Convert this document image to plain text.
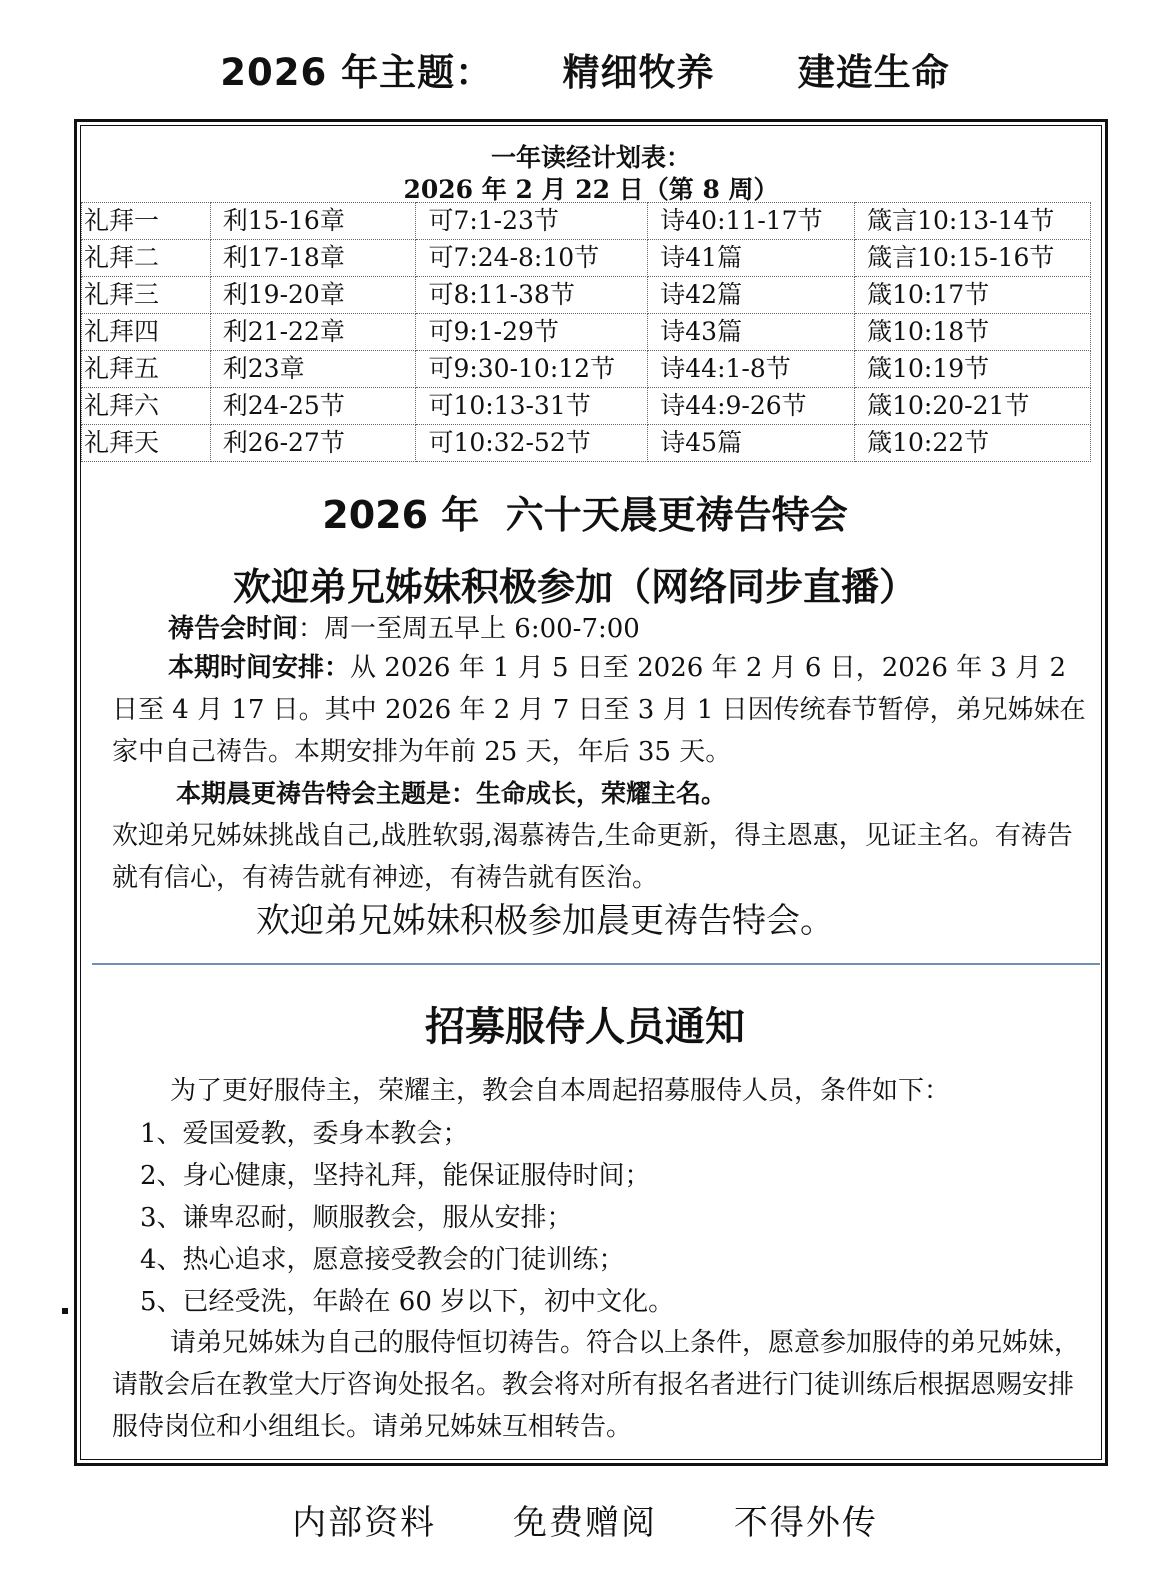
2026 年主题：     精细牧养      建造生命
一年读经计划表：
2026 年 2 月 22 日（第 8 周）
礼拜一	利15-16章	可7:1-23节	诗40:11-17节	箴言10:13-14节
礼拜二	利17-18章	可7:24-8:10节	诗41篇	箴言10:15-16节
礼拜三	利19-20章	可8:11-38节	诗42篇	箴10:17节
礼拜四	利21-22章	可9:1-29节	诗43篇	箴10:18节
礼拜五	利23章	可9:30-10:12节	诗44:1-8节	箴10:19节
礼拜六	利24-25节	可10:13-31节	诗44:9-26节	箴10:20-21节
礼拜天	利26-27节	可10:32-52节	诗45篇	箴10:22节
2026 年  六十天晨更祷告特会
欢迎弟兄姊妹积极参加（网络同步直播）
祷告会时间：周一至周五早上 6:00-7:00
本期时间安排：从 2026 年 1 月 5 日至 2026 年 2 月 6 日，2026 年 3 月 2 日至 4 月 17 日。其中 2026 年 2 月 7 日至 3 月 1 日因传统春节暂停，弟兄姊妹在家中自己祷告。本期安排为年前 25 天，年后 35 天。
本期晨更祷告特会主题是：生命成长，荣耀主名。
欢迎弟兄姊妹挑战自己,战胜软弱,渴慕祷告,生命更新，得主恩惠，见证主名。有祷告就有信心，有祷告就有神迹，有祷告就有医治。
欢迎弟兄姊妹积极参加晨更祷告特会。
招募服侍人员通知
为了更好服侍主，荣耀主，教会自本周起招募服侍人员，条件如下：
1、爱国爱教，委身本教会；
2、身心健康，坚持礼拜，能保证服侍时间；
3、谦卑忍耐，顺服教会，服从安排；
4、热心追求，愿意接受教会的门徒训练；
5、已经受洗，年龄在 60 岁以下，初中文化。
请弟兄姊妹为自己的服侍恒切祷告。符合以上条件，愿意参加服侍的弟兄姊妹，请散会后在教堂大厅咨询处报名。教会将对所有报名者进行门徒训练后根据恩赐安排服侍岗位和小组组长。请弟兄姊妹互相转告。
内部资料      免费赠阅      不得外传
